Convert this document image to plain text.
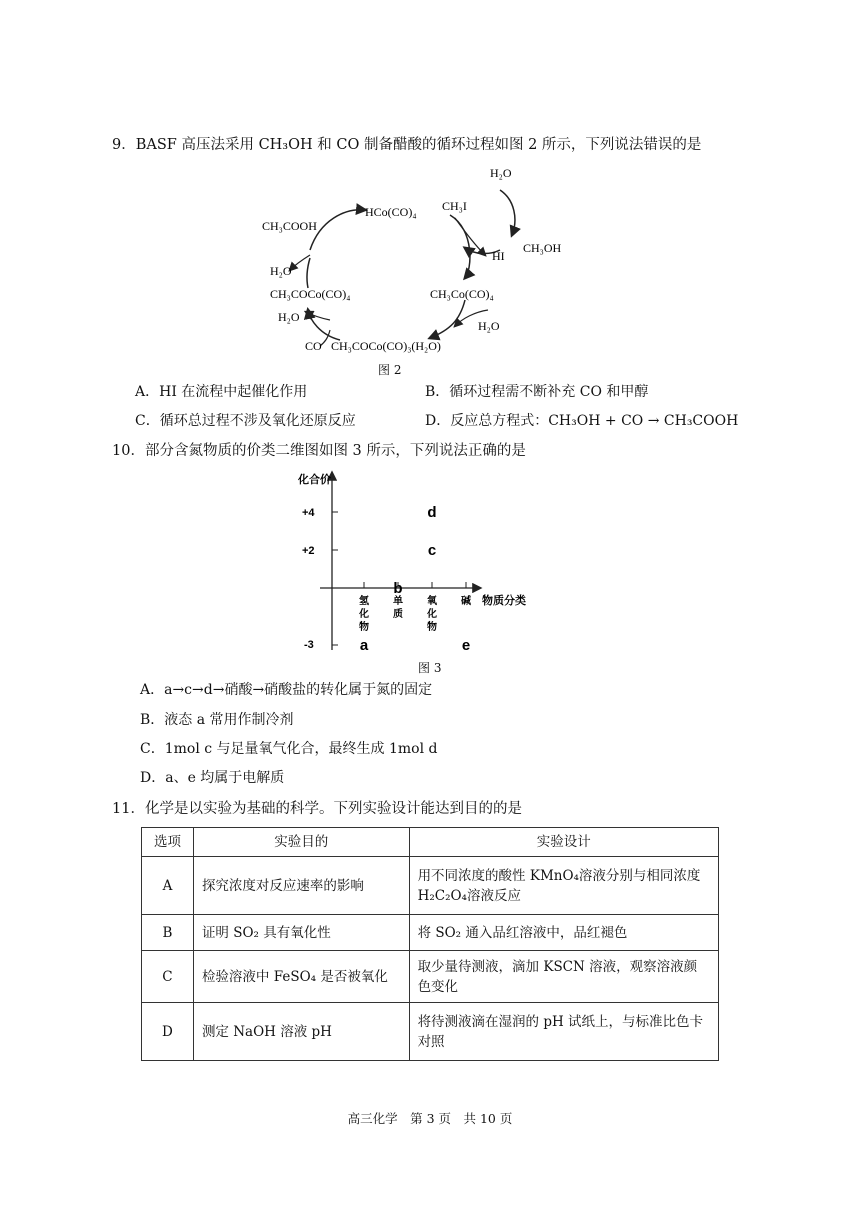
9．BASF 高压法采用 CH₃OH 和 CO 制备醋酸的循环过程如图 2 所示，下列说法错误的是
HCo(CO)₄ CH₃I
H₂O
CH₃COOH
HI
CH₃OH
H₂O
CH₃COCo(CO)₄	CH₃Co(CO)₄
H₂O
H₂O
CO CH₃COCo(CO)₃(H₂O)
图 2
A．HI 在流程中起催化作用	B．循环过程需不断补充 CO 和甲醇
C．循环总过程不涉及氧化还原反应	D．反应总方程式：CH₃OH + CO → CH₃COOH
10．部分含氮物质的价类二维图如图 3 所示，下列说法正确的是
化合价
物质分类
+4
+2
-3
氢
化
物
单
质
氧
化
物
碱
a
b
c
d
e
图 3
A．a→c→d→硝酸→硝酸盐的转化属于氮的固定
B．液态 a 常用作制冷剂
C．1mol c 与足量氧气化合，最终生成 1mol d
D．a、e 均属于电解质
11．化学是以实验为基础的科学。下列实验设计能达到目的的是
选项	实验目的	实验设计
A	探究浓度对反应速率的影响	用不同浓度的酸性 KMnO₄溶液分别与相同浓度 H₂C₂O₄溶液反应
B	证明 SO₂ 具有氧化性	将 SO₂ 通入品红溶液中，品红褪色
C	检验溶液中 FeSO₄ 是否被氧化	取少量待测液，滴加 KSCN 溶液，观察溶液颜色变化
D	测定 NaOH 溶液 pH	将待测液滴在湿润的 pH 试纸上，与标准比色卡对照
高三化学　第 3 页　共 10 页
